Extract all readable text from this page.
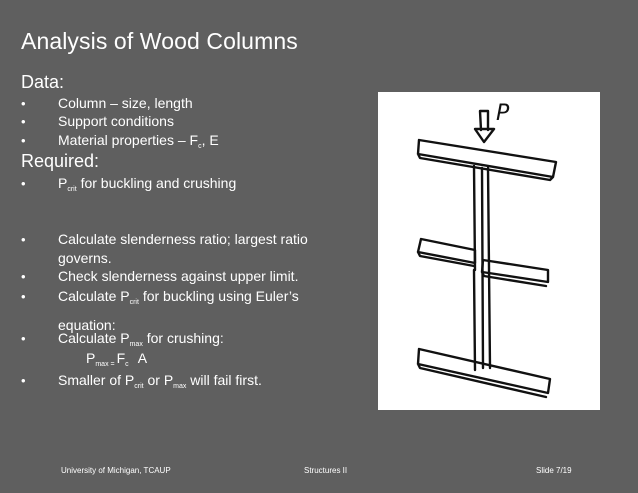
Analysis of Wood Columns
Data:
• Column – size, length
• Support conditions
• Material properties – $F_c$, E
Required:
• $P_{crit}$ for buckling and crushing
• Calculate slenderness ratio; largest ratio governs.
• Check slenderness against upper limit.
• Calculate $P_{crit}$ for buckling using Euler’s equation:
• Calculate $P_{max}$ for crushing:
$P_{max}$ $_=$ $F_c$ A
• Smaller of $P_{crit}$ or $P_{max}$ will fail first.
P
University of Michigan, TCAUP	Structures II	Slide 7/19
